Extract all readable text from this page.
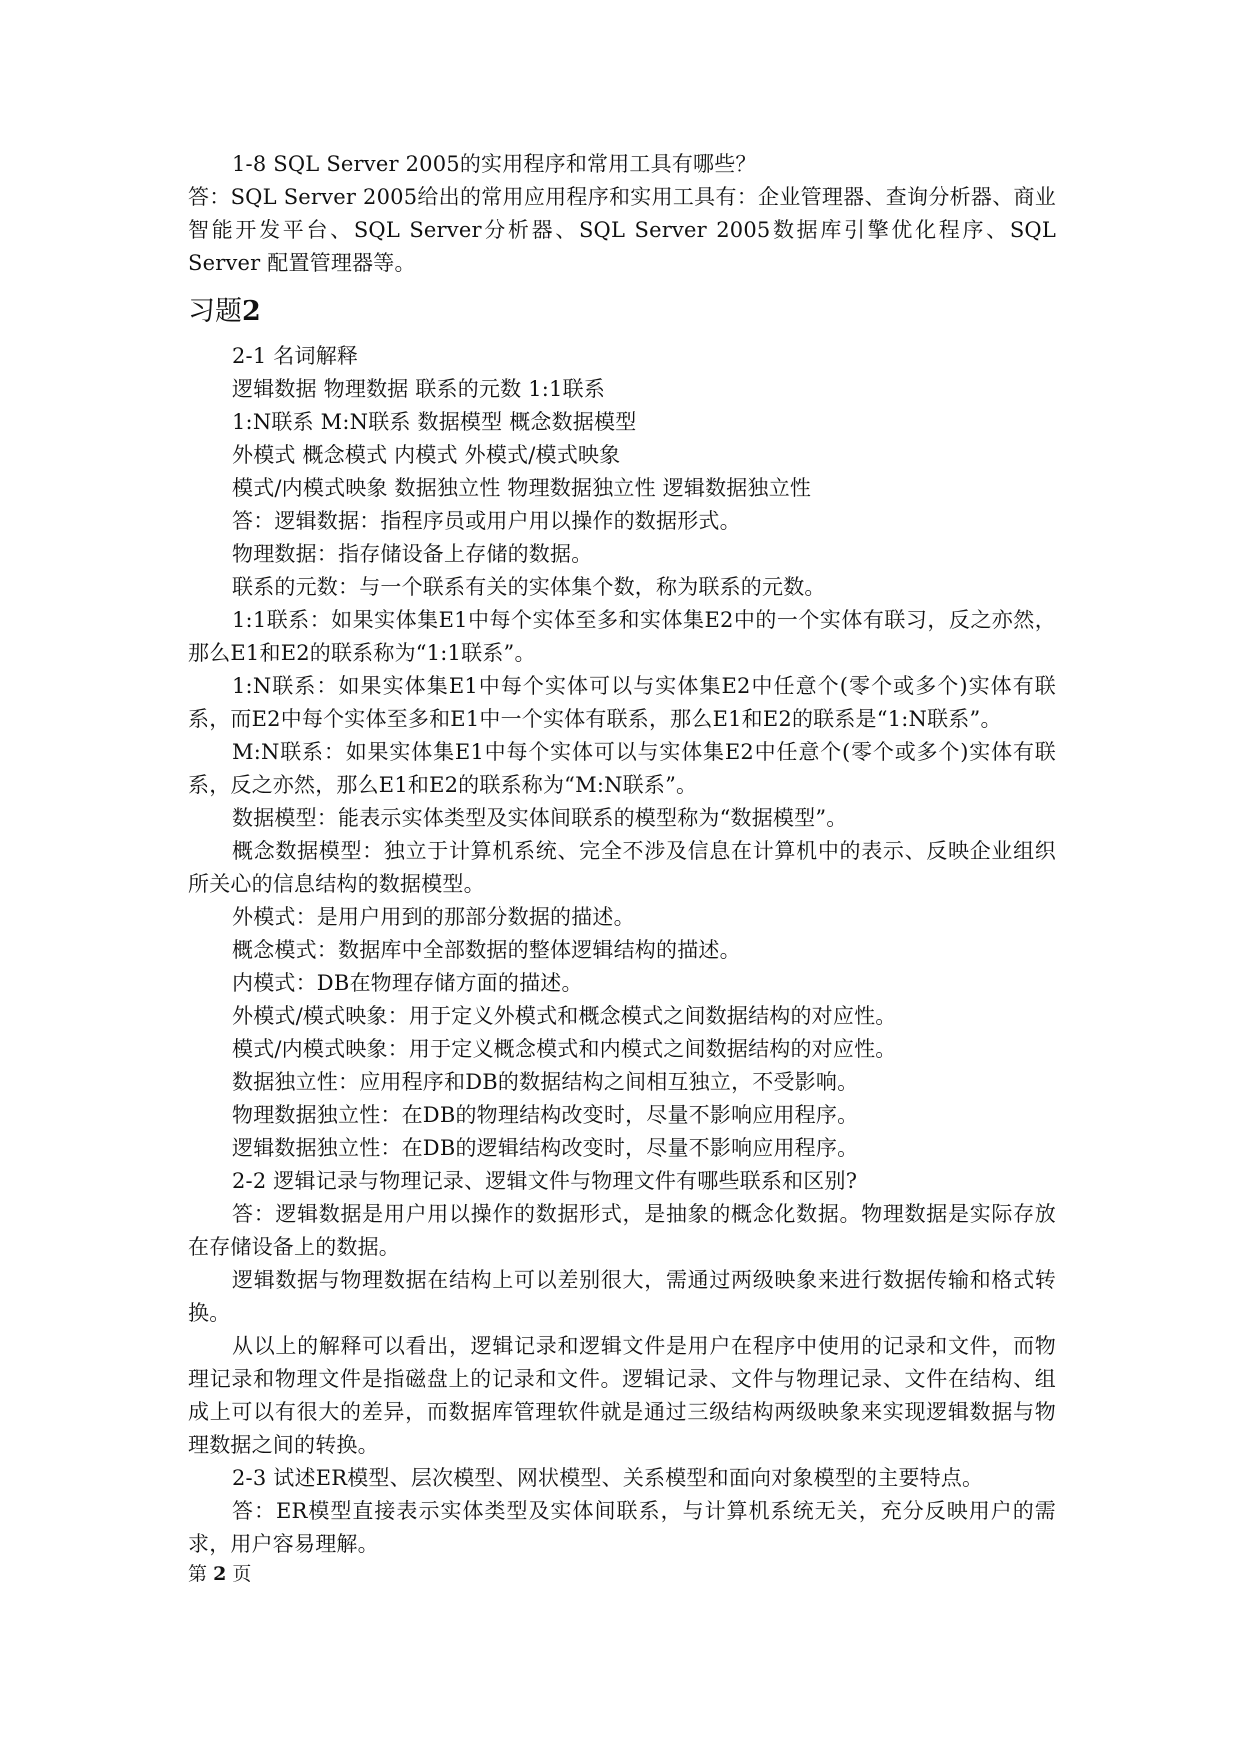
1-8 SQL Server 2005的实用程序和常用工具有哪些？

答：SQL Server 2005给出的常用应用程序和实用工具有：企业管理器、查询分析器、商业智能开发平台、SQL Server分析器、SQL Server 2005数据库引擎优化程序、SQL Server 配置管理器等。

习题2

2-1 名词解释

逻辑数据 物理数据 联系的元数 1:1联系

1:N联系 M:N联系 数据模型 概念数据模型

外模式 概念模式 内模式 外模式/模式映象

模式/内模式映象 数据独立性 物理数据独立性 逻辑数据独立性

答：逻辑数据：指程序员或用户用以操作的数据形式。

物理数据：指存储设备上存储的数据。

联系的元数：与一个联系有关的实体集个数，称为联系的元数。

1:1联系：如果实体集E1中每个实体至多和实体集E2中的一个实体有联习，反之亦然，那么E1和E2的联系称为“1:1联系”。

1:N联系：如果实体集E1中每个实体可以与实体集E2中任意个(零个或多个)实体有联系，而E2中每个实体至多和E1中一个实体有联系，那么E1和E2的联系是“1:N联系”。

M:N联系：如果实体集E1中每个实体可以与实体集E2中任意个(零个或多个)实体有联系，反之亦然，那么E1和E2的联系称为“M:N联系”。

数据模型：能表示实体类型及实体间联系的模型称为“数据模型”。

概念数据模型：独立于计算机系统、完全不涉及信息在计算机中的表示、反映企业组织所关心的信息结构的数据模型。

外模式：是用户用到的那部分数据的描述。

概念模式：数据库中全部数据的整体逻辑结构的描述。

内模式：DB在物理存储方面的描述。

外模式/模式映象：用于定义外模式和概念模式之间数据结构的对应性。

模式/内模式映象：用于定义概念模式和内模式之间数据结构的对应性。

数据独立性：应用程序和DB的数据结构之间相互独立，不受影响。

物理数据独立性：在DB的物理结构改变时，尽量不影响应用程序。

逻辑数据独立性：在DB的逻辑结构改变时，尽量不影响应用程序。

2-2 逻辑记录与物理记录、逻辑文件与物理文件有哪些联系和区别?

答：逻辑数据是用户用以操作的数据形式，是抽象的概念化数据。物理数据是实际存放在存储设备上的数据。

逻辑数据与物理数据在结构上可以差别很大，需通过两级映象来进行数据传输和格式转换。

从以上的解释可以看出，逻辑记录和逻辑文件是用户在程序中使用的记录和文件，而物理记录和物理文件是指磁盘上的记录和文件。逻辑记录、文件与物理记录、文件在结构、组成上可以有很大的差异，而数据库管理软件就是通过三级结构两级映象来实现逻辑数据与物理数据之间的转换。

2-3 试述ER模型、层次模型、网状模型、关系模型和面向对象模型的主要特点。

答：ER模型直接表示实体类型及实体间联系，与计算机系统无关，充分反映用户的需求，用户容易理解。

第 2 页
